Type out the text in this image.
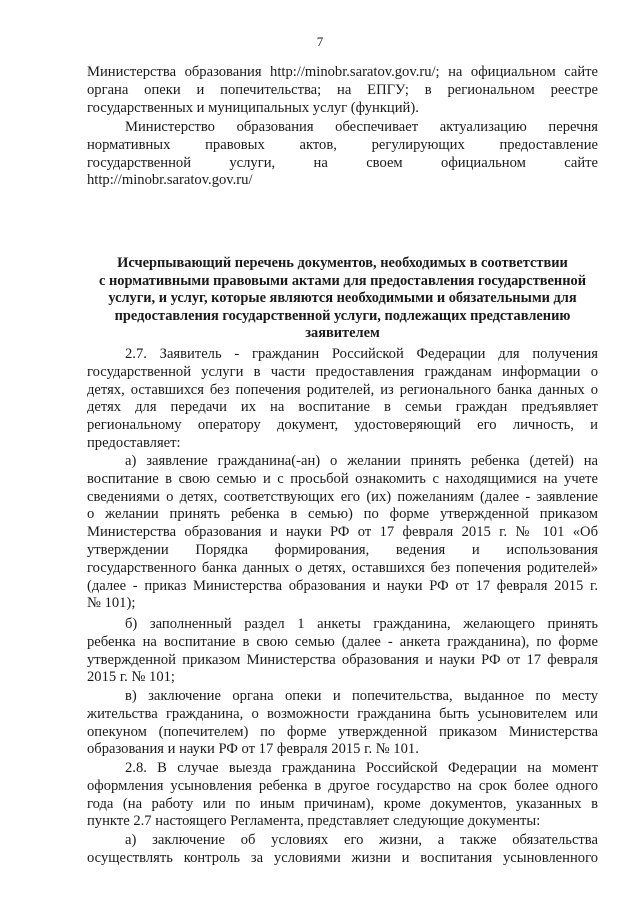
7
Министерства образования http://minobr.saratov.gov.ru/; на официальном сайте
органа опеки и попечительства; на ЕПГУ; в региональном реестре
государственных и муниципальных услуг (функций).
Министерство образования обеспечивает актуализацию перечня
нормативных правовых актов, регулирующих предоставление
государственной услуги, на своем официальном сайте
http://minobr.saratov.gov.ru/
Исчерпывающий перечень документов, необходимых в соответствии
с нормативными правовыми актами для предоставления государственной
услуги, и услуг, которые являются необходимыми и обязательными для
предоставления государственной услуги, подлежащих представлению
заявителем
2.7. Заявитель - гражданин Российской Федерации для получения
государственной услуги в части предоставления гражданам информации о
детях, оставшихся без попечения родителей, из регионального банка данных о
детях для передачи их на воспитание в семьи граждан предъявляет
региональному оператору документ, удостоверяющий его личность, и
предоставляет:
а) заявление гражданина(-ан) о желании принять ребенка (детей) на
воспитание в свою семью и с просьбой ознакомить с находящимися на учете
сведениями о детях, соответствующих его (их) пожеланиям (далее - заявление
о желании принять ребенка в семью) по форме утвержденной приказом
Министерства образования и науки РФ от 17 февраля 2015 г. № 101 «Об
утверждении Порядка формирования, ведения и использования
государственного банка данных о детях, оставшихся без попечения родителей»
(далее - приказ Министерства образования и науки РФ от 17 февраля 2015 г.
№ 101);
б) заполненный раздел 1 анкеты гражданина, желающего принять
ребенка на воспитание в свою семью (далее - анкета гражданина), по форме
утвержденной приказом Министерства образования и науки РФ от 17 февраля
2015 г. № 101;
в) заключение органа опеки и попечительства, выданное по месту
жительства гражданина, о возможности гражданина быть усыновителем или
опекуном (попечителем) по форме утвержденной приказом Министерства
образования и науки РФ от 17 февраля 2015 г. № 101.
2.8. В случае выезда гражданина Российской Федерации на момент
оформления усыновления ребенка в другое государство на срок более одного
года (на работу или по иным причинам), кроме документов, указанных в
пункте 2.7 настоящего Регламента, представляет следующие документы:
а) заключение об условиях его жизни, а также обязательства
осуществлять контроль за условиями жизни и воспитания усыновленного
